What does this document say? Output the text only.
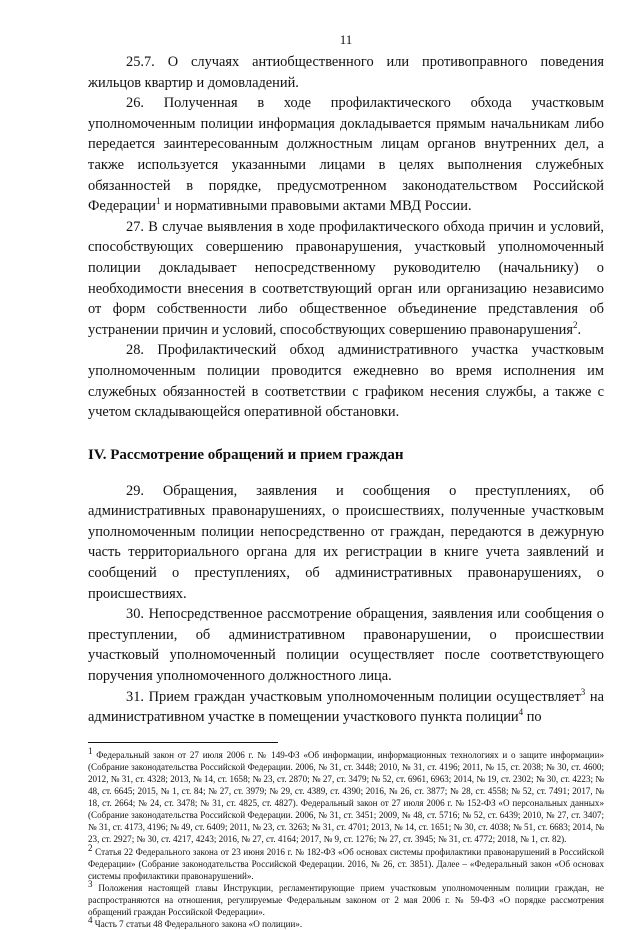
11

25.7. О случаях антиобщественного или противоправного поведения жильцов квартир и домовладений.

26. Полученная в ходе профилактического обхода участковым уполномоченным полиции информация докладывается прямым начальникам либо передается заинтересованным должностным лицам органов внутренних дел, а также используется указанными лицами в целях выполнения служебных обязанностей в порядке, предусмотренном законодательством Российской Федерации$^1$ и нормативными правовыми актами МВД России.

27. В случае выявления в ходе профилактического обхода причин и условий, способствующих совершению правонарушения, участковый уполномоченный полиции докладывает непосредственному руководителю (начальнику) о необходимости внесения в соответствующий орган или организацию независимо от форм собственности либо общественное объединение представления об устранении причин и условий, способствующих совершению правонарушения$^2$.

28. Профилактический обход административного участка участковым уполномоченным полиции проводится ежедневно во время исполнения им служебных обязанностей в соответствии с графиком несения службы, а также с учетом складывающейся оперативной обстановки.

IV. Рассмотрение обращений и прием граждан

29. Обращения, заявления и сообщения о преступлениях, об административных правонарушениях, о происшествиях, полученные участковым уполномоченным полиции непосредственно от граждан, передаются в дежурную часть территориального органа для их регистрации в книге учета заявлений и сообщений о преступлениях, об административных правонарушениях, о происшествиях.

30. Непосредственное рассмотрение обращения, заявления или сообщения о преступлении, об административном правонарушении, о происшествии участковый уполномоченный полиции осуществляет после соответствующего поручения уполномоченного должностного лица.

31. Прием граждан участковым уполномоченным полиции осуществляет$^3$ на административном участке в помещении участкового пункта полиции$^4$ по

$^1$ Федеральный закон от 27 июля 2006 г. № 149-ФЗ «Об информации, информационных технологиях и о защите информации» (Собрание законодательства Российской Федерации. 2006, № 31, ст. 3448; 2010, № 31, ст. 4196; 2011, № 15, ст. 2038; № 30, ст. 4600; 2012, № 31, ст. 4328; 2013, № 14, ст. 1658; № 23, ст. 2870; № 27, ст. 3479; № 52, ст. 6961, 6963; 2014, № 19, ст. 2302; № 30, ст. 4223; № 48, ст. 6645; 2015, № 1, ст. 84; № 27, ст. 3979; № 29, ст. 4389, ст. 4390; 2016, № 26, ст. 3877; № 28, ст. 4558; № 52, ст. 7491; 2017, № 18, ст. 2664; № 24, ст. 3478; № 31, ст. 4825, ст. 4827). Федеральный закон от 27 июля 2006 г. № 152-ФЗ «О персональных данных» (Собрание законодательства Российской Федерации. 2006, № 31, ст. 3451; 2009, № 48, ст. 5716; № 52, ст. 6439; 2010, № 27, ст. 3407; № 31, ст. 4173, 4196; № 49, ст. 6409; 2011, № 23, ст. 3263; № 31, ст. 4701; 2013, № 14, ст. 1651; № 30, ст. 4038; № 51, ст. 6683; 2014, № 23, ст. 2927; № 30, ст. 4217, 4243; 2016, № 27, ст. 4164; 2017, № 9, ст. 1276; № 27, ст. 3945; № 31, ст. 4772; 2018, № 1, ст. 82).

$^2$ Статья 22 Федерального закона от 23 июня 2016 г. № 182-ФЗ «Об основах системы профилактики правонарушений в Российской Федерации» (Собрание законодательства Российской Федерации. 2016, № 26, ст. 3851). Далее – «Федеральный закон «Об основах системы профилактики правонарушений».

$^3$ Положения настоящей главы Инструкции, регламентирующие прием участковым уполномоченным полиции граждан, не распространяются на отношения, регулируемые Федеральным законом от 2 мая 2006 г. № 59-ФЗ «О порядке рассмотрения обращений граждан Российской Федерации».

$^4$ Часть 7 статьи 48 Федерального закона «О полиции».
